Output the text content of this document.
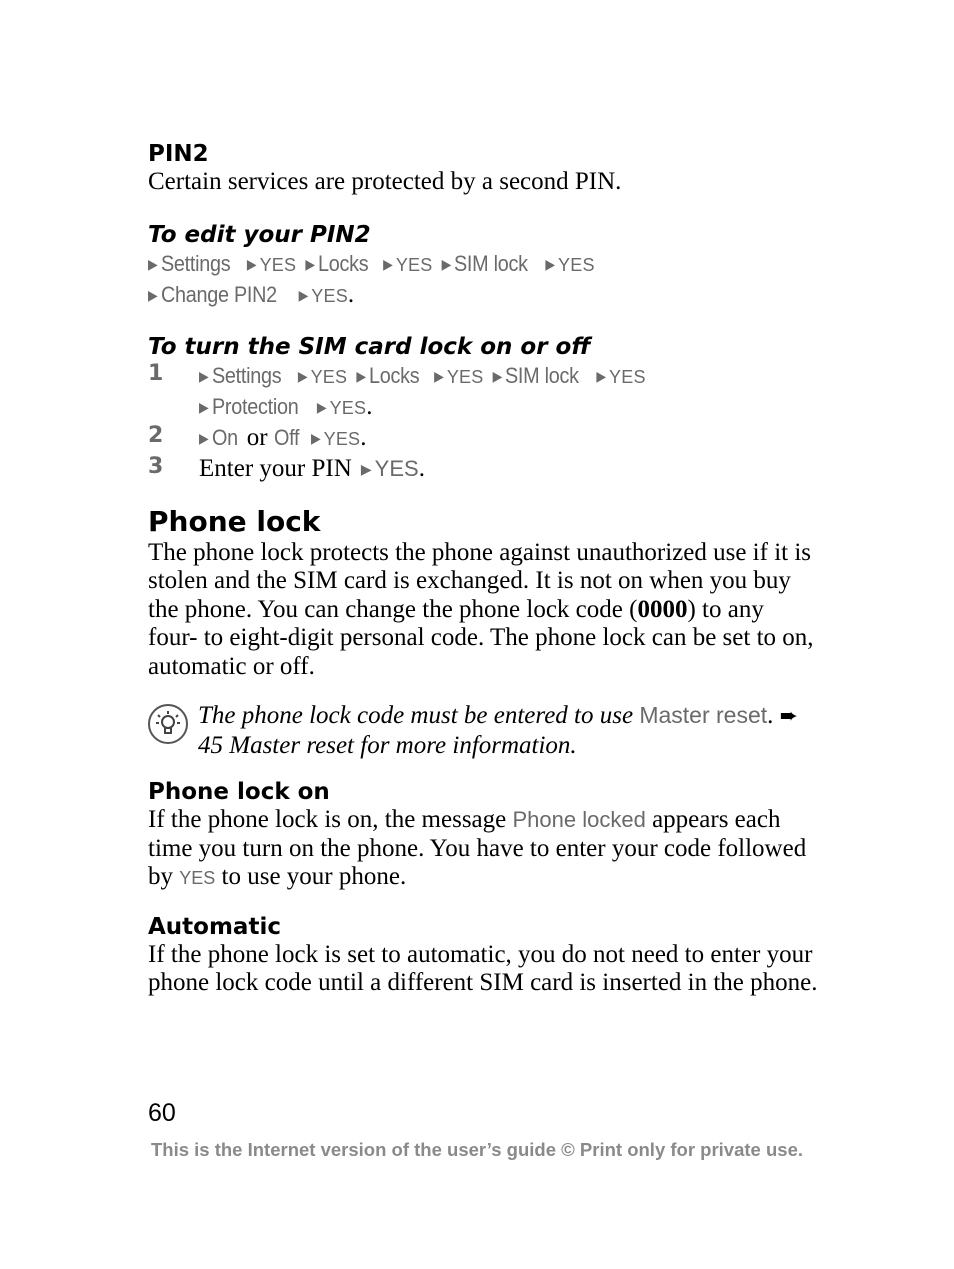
PIN2

Certain services are protected by a second PIN.

To edit your PIN2
▶ Settings ▶ YES ▶ Locks ▶ YES ▶ SIM lock ▶ YES
▶ Change PIN2 ▶ YES.
To turn the SIM card lock on or off
1	▶ Settings ▶ YES ▶ Locks ▶ YES ▶ SIM lock ▶ YES
▶ Protection ▶ YES.
2	▶ On or Off ▶ YES.
3	Enter your PIN ▶ YES.
Phone lock

The phone lock protects the phone against unauthorized use if it is stolen and the SIM card is exchanged. It is not on when you buy the phone. You can change the phone lock code (0000) to any four- to eight-digit personal code. The phone lock can be set to on, automatic or off.

The phone lock code must be entered to use Master reset. ➨ 45 Master reset for more information.
Phone lock on

If the phone lock is on, the message Phone locked appears each time you turn on the phone. You have to enter your code followed by YES to use your phone.

Automatic

If the phone lock is set to automatic, you do not need to enter your phone lock code until a different SIM card is inserted in the phone.

60
This is the Internet version of the user’s guide © Print only for private use.
